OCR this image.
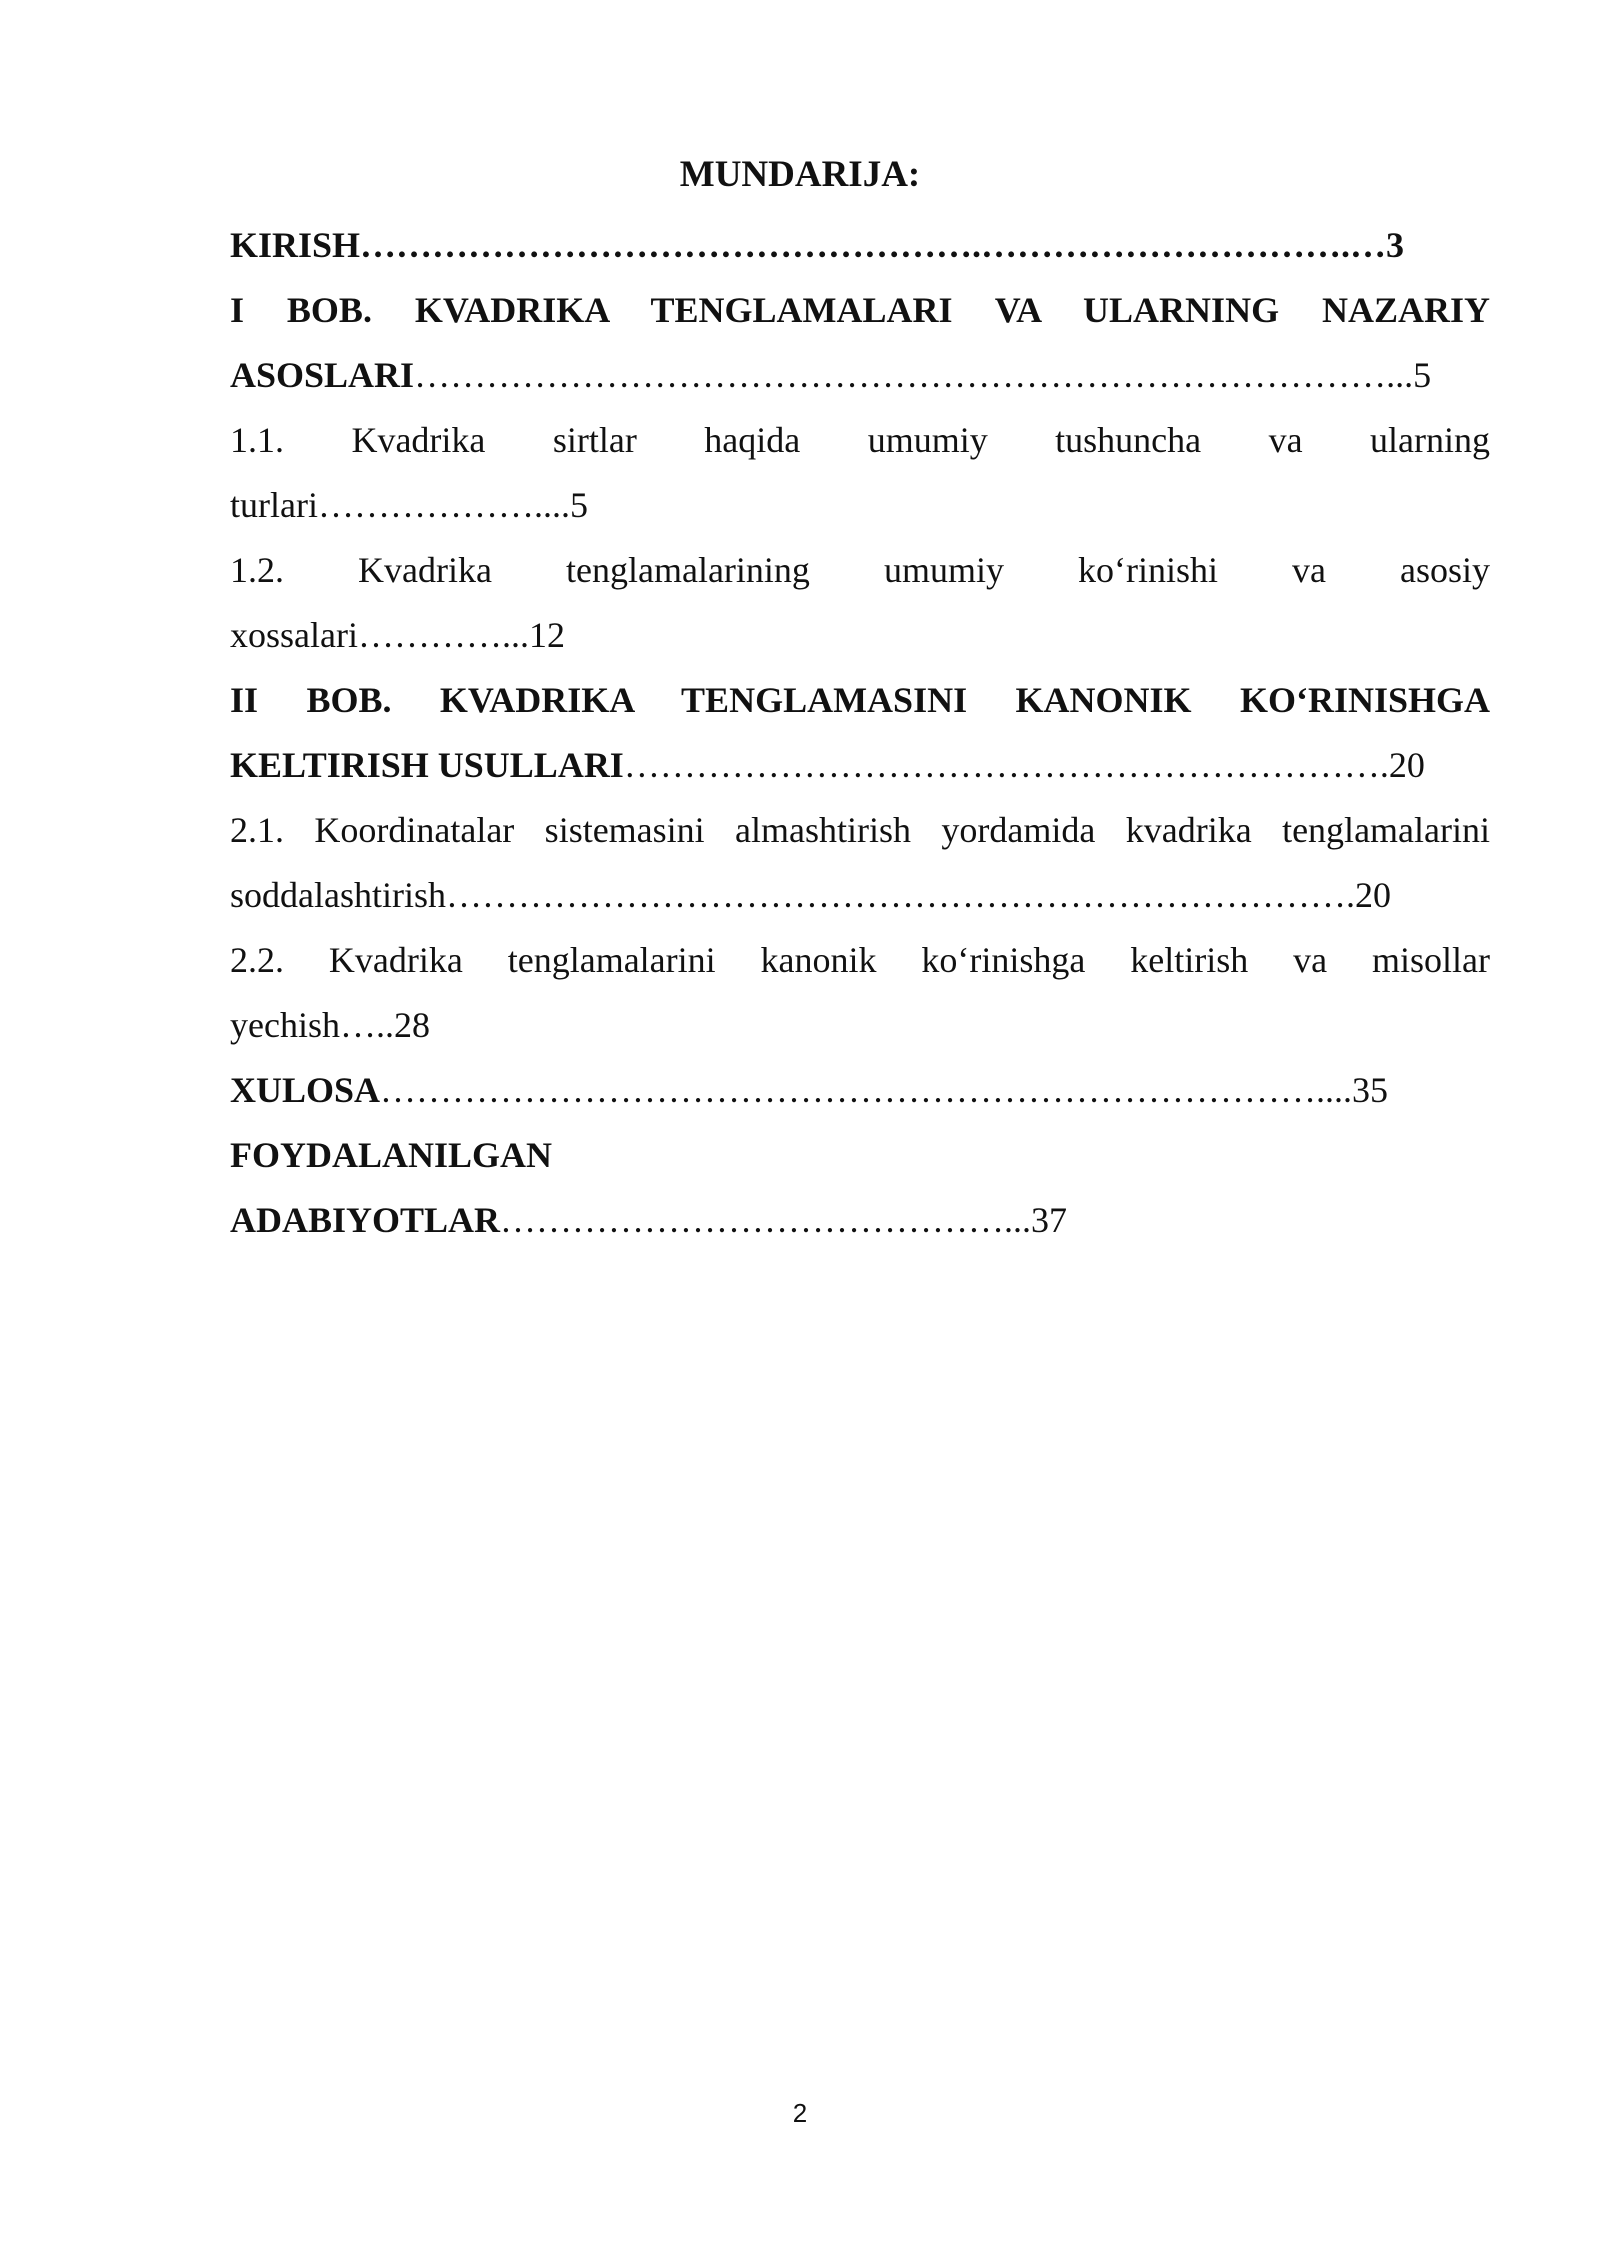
MUNDARIJA:
KIRISH…………………………………………….………………………….…3
I BOB. KVADRIKA TENGLAMALARI VA ULARNING NAZARIY
ASOSLARI………………………………………………………………………...5
1.1. Kvadrika sirtlar haqida umumiy tushuncha va ularning
turlari………………....5
1.2. Kvadrika tenglamalarining umumiy ko‘rinishi va asosiy
xossalari…………...12
II BOB. KVADRIKA TENGLAMASINI KANONIK KO‘RINISHGA
KELTIRISH USULLARI……………………………………………………….20
2.1. Koordinatalar sistemasini almashtirish yordamida kvadrika tenglamalarini
soddalashtirish………………………………………………………………….20
2.2. Kvadrika tenglamalarini kanonik ko‘rinishga keltirish va misollar
yechish…..28
XULOSA……………………………………………………………………....35
FOYDALANILGAN
ADABIYOTLAR……………………………………...37
2
